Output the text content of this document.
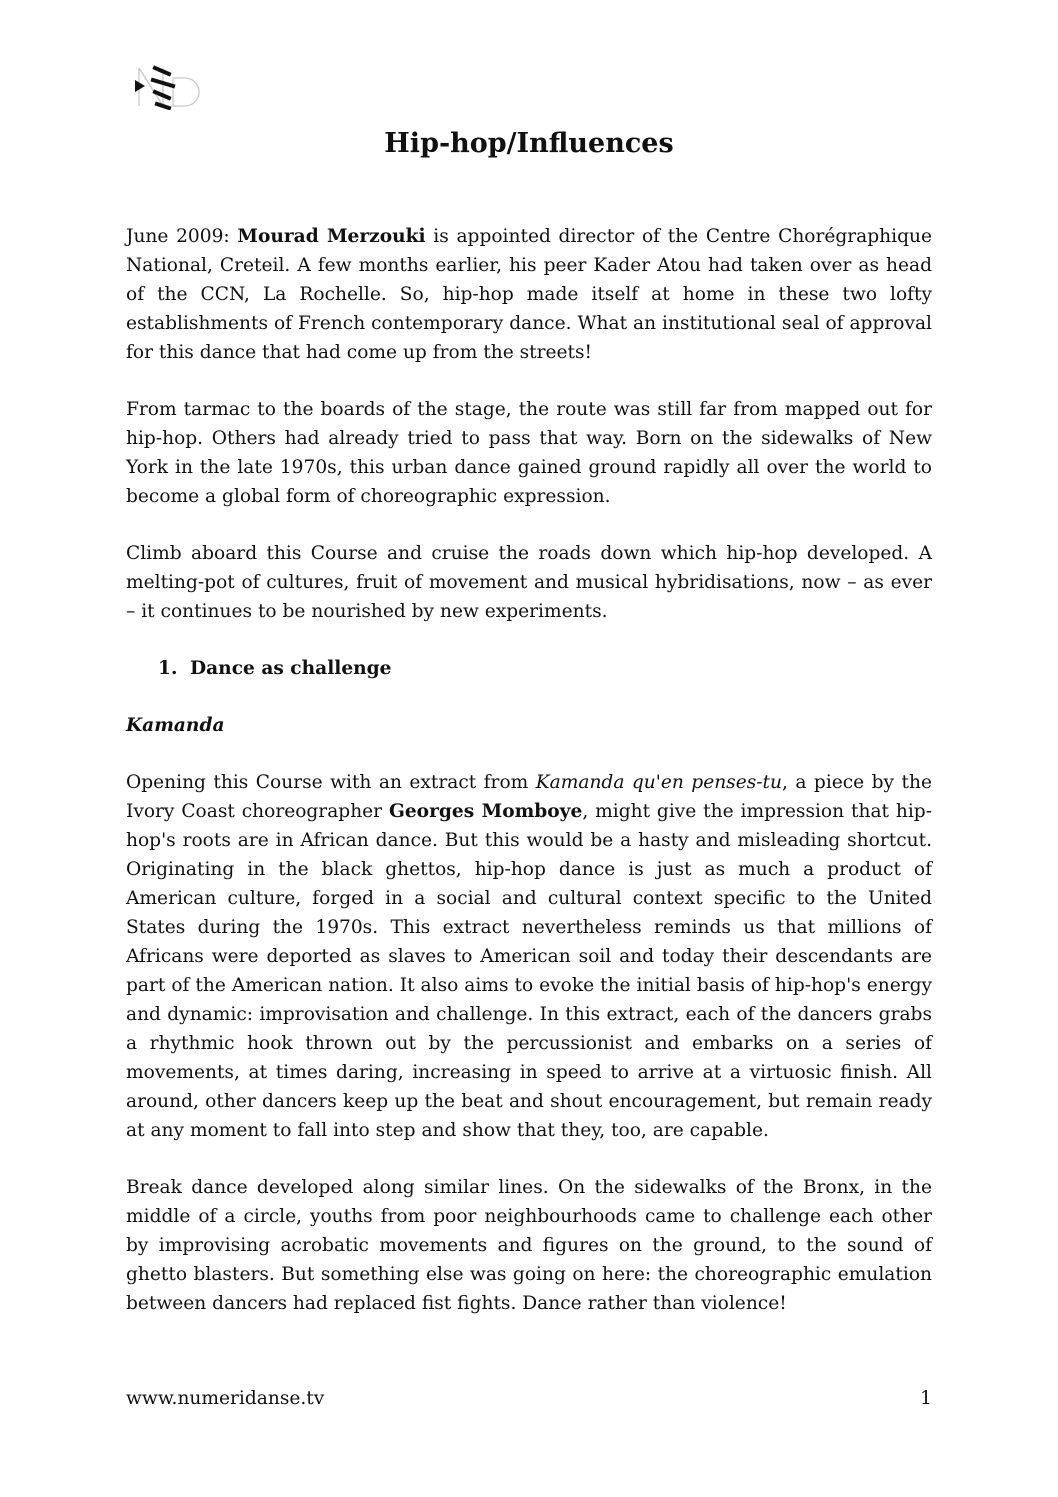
Hip-hop/Influences

June 2009: Mourad Merzouki is appointed director of the Centre Chorégraphique National, Creteil. A few months earlier, his peer Kader Atou had taken over as head of the CCN, La Rochelle. So, hip-hop made itself at home in these two lofty establishments of French contemporary dance. What an institutional seal of approval for this dance that had come up from the streets!

From tarmac to the boards of the stage, the route was still far from mapped out for hip-hop. Others had already tried to pass that way. Born on the sidewalks of New York in the late 1970s, this urban dance gained ground rapidly all over the world to become a global form of choreographic expression.

Climb aboard this Course and cruise the roads down which hip-hop developed. A melting-pot of cultures, fruit of movement and musical hybridisations, now – as ever – it continues to be nourished by new experiments.

1. Dance as challenge
Kamanda

Opening this Course with an extract from Kamanda qu'en penses-tu, a piece by the Ivory Coast choreographer Georges Momboye, might give the impression that hip-hop's roots are in African dance. But this would be a hasty and misleading shortcut. Originating in the black ghettos, hip-hop dance is just as much a product of American culture, forged in a social and cultural context specific to the United States during the 1970s. This extract nevertheless reminds us that millions of Africans were deported as slaves to American soil and today their descendants are part of the American nation. It also aims to evoke the initial basis of hip-hop's energy and dynamic: improvisation and challenge. In this extract, each of the dancers grabs a rhythmic hook thrown out by the percussionist and embarks on a series of movements, at times daring, increasing in speed to arrive at a virtuosic finish. All around, other dancers keep up the beat and shout encouragement, but remain ready at any moment to fall into step and show that they, too, are capable.

Break dance developed along similar lines. On the sidewalks of the Bronx, in the middle of a circle, youths from poor neighbourhoods came to challenge each other by improvising acrobatic movements and figures on the ground, to the sound of ghetto blasters. But something else was going on here: the choreographic emulation between dancers had replaced fist fights. Dance rather than violence!

www.numeridanse.tv	1
